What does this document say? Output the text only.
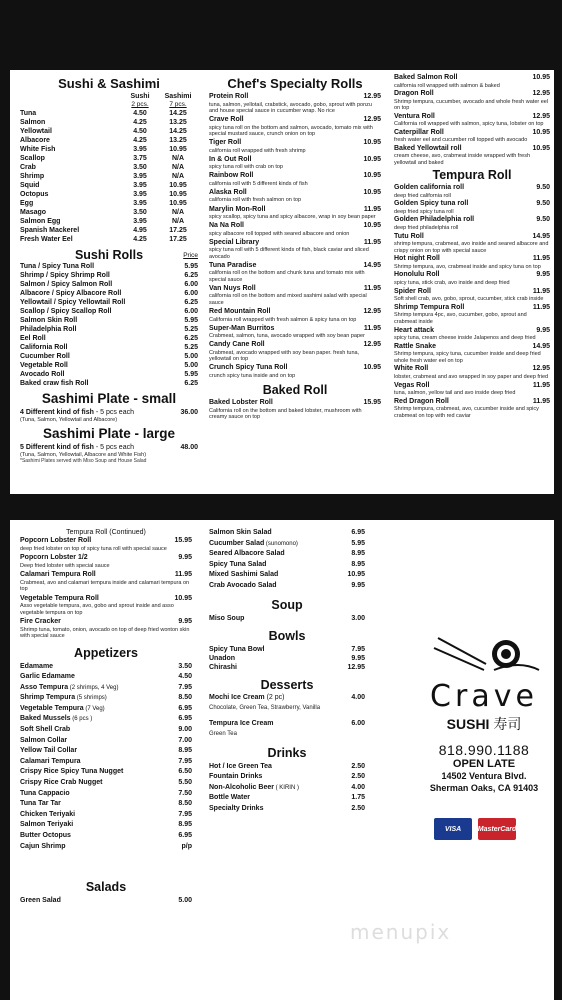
Sushi & Sashimi
Sushi	Sashimi
2 pcs.	7 pcs.
Tuna	4.50	14.25
Salmon	4.25	13.25
Yellowtail	4.50	14.25
Albacore	4.25	13.25
White Fish	3.95	10.95
Scallop	3.75	N/A
Crab	3.50	N/A
Shrimp	3.95	N/A
Squid	3.95	10.95
Octopus	3.95	10.95
Egg	3.95	10.95
Masago	3.50	N/A
Salmon Egg	3.95	N/A
Spanish Mackerel	4.95	17.25
Fresh Water Eel	4.25	17.25
Sushi Rolls	Price
Tuna / Spicy Tuna Roll	5.95
Shrimp / Spicy Shrimp Roll	6.25
Salmon / Spicy Salmon Roll	6.00
Albacore / Spicy Albacore Roll	6.00
Yellowtail / Spicy Yellowtail Roll	6.25
Scallop / Spicy Scallop Roll	6.00
Salmon Skin Roll	5.95
Philadelphia Roll	5.25
Eel Roll	6.25
California Roll	5.25
Cucumber Roll	5.00
Vegetable Roll	5.00
Avocado Roll	5.95
Baked craw fish Roll	6.25
Sashimi Plate - small
4 Different kind of fish - 5 pcs each	36.00
(Tuna, Salmon, Yellowtail and Albacore)
Sashimi Plate - large
5 Different kind of fish - 5 pcs each	48.00
(Tuna, Salmon, Yellowtail, Albacore and White Fish)
*Sashimi Plates served with Miso Soup and House Salad
Chef's Specialty Rolls
Protein Roll	12.95
tuna, salmon, yellotail, crabstick, avocado, gobo, sprout with ponzu and house special sauce in cucumber wrap. No rice
Crave Roll	12.95
spicy tuna roll on the bottom and salmon, avocado, tomato mix with special mustard sauce, crunch onion on top
Tiger Roll	10.95
california roll wrapped with fresh shrimp
In & Out Roll	10.95
spicy tuna roll with crab on top
Rainbow Roll	10.95
california roll with 5 different kinds of fish
Alaska Roll	10.95
california roll with fresh salmon on top
Marylin Mon-Roll	11.95
spicy scallop, spicy tuna and spicy albacore, wrap in soy bean paper
Na Na Roll	10.95
spicy albacore roll topped with seared albacore and onion
Special Library	11.95
spicy tuna roll with 5 different kinds of fish, black caviar and sliced avocado
Tuna Paradise	14.95
california roll on the bottom and chunk tuna and tomato mix with special sauce
Van Nuys Roll	11.95
california roll on the bottom and mixed sashimi salad with special sauce
Red Mountain Roll	12.95
California roll wrapped with fresh salmon & spicy tuna on top
Super-Man Burritos	11.95
Crabmeat, salmon, tuna, avocado wrapped with soy bean paper
Candy Cane Roll	12.95
Crabmeat, avocado wrapped with soy bean paper. fresh tuna, yellowtail on top
Crunch Spicy Tuna Roll	10.95
crunch spicy tuna inside and on top
Baked Roll
Baked Lobster Roll	15.95
California roll on the bottom and baked lobster, mushroom with creamy sauce on top
Baked Salmon Roll	10.95
california roll wrapped with salmon & baked
Dragon Roll	12.95
Shrimp tempura, cucumber, avocado and whole fresh water eel on top
Ventura Roll	12.95
California roll wrapped with salmon, spicy tuna, lobster on top
Caterpillar Roll	10.95
fresh water eel and cucumber roll topped with avocado
Baked Yellowtail roll	10.95
cream cheese, avo, crabmeat inside wrapped with fresh yellowtail and baked
Tempura Roll
Golden california roll	9.50
deep fried california roll
Golden Spicy tuna roll	9.50
deep fried spicy tuna roll
Golden Philadelphia roll	9.50
deep fried philadelphia roll
Tutu Roll	14.95
shrimp tempura, crabmeat, avo inside and seared albacore and crispy onion on top with special sauce
Hot night Roll	11.95
Shrimp tempura, avo, crabmeat inside and spicy tuna on top
Honolulu Roll	9.95
spicy tuna, stick crab, avo inside and deep fried
Spider Roll	11.95
Soft shell crab, avo, gobo, sprout, cucumber, stick crab inside
Shrimp Tempura Roll	11.95
Shrimp tempura 4pc, avo, cucumber, gobo, sprout and crabmeat inside
Heart attack	9.95
spicy tuna, cream cheese inside Jalapenos and deep fried
Rattle Snake	14.95
Shrimp tempura, spicy tuna, cucumber inside and deep fried whole fresh water eel on top
White Roll	12.95
lobster, crabmeat and avo wrapped in soy paper and deep fried
Vegas Roll	11.95
tuna, salmon, yellow tail and avo inside deep fried
Red Dragon Roll	11.95
Shrimp tempura, crabmeat, avo, cucumber inside and spicy crabmeat on top with red caviar
Tempura Roll (Continued)
Popcorn Lobster Roll	15.95
deep fried lobster on top of spicy tuna roll with special sauce
Popcorn Lobster 1/2	9.95
Deep fried lobster with special sauce
Calamari Tempura Roll	11.95
Crabmeat, avo and calamari tempura inside and calamari tempura on top
Vegetable Tempura Roll	10.95
Asso vegetable tempura, avo, gobo and sprout inside and asso vegetable tempura on top
Fire Cracker	9.95
Shrimp tuna, tomato, onion, avocado on top of deep fried wonton skin with special sauce
Appetizers
Edamame	3.50
Garlic Edamame	4.50
Asso Tempura (2 shrimps, 4 Veg)	7.95
Shrimp Tempura (5 shrimps)	8.50
Vegetable Tempura (7 Veg)	6.95
Baked Mussels (6 pcs )	6.95
Soft Shell Crab	9.00
Salmon Collar	7.00
Yellow Tail Collar	8.95
Calamari Tempura	7.95
Crispy Rice Spicy Tuna Nugget	6.50
Crispy Rice Crab Nugget	5.50
Tuna Cappacio	7.50
Tuna Tar Tar	8.50
Chicken Teriyaki	7.95
Salmon Teriyaki	8.95
Butter Octopus	6.95
Cajun Shrimp	p/p
Salads
Green Salad	5.00
Salmon Skin Salad	6.95
Cucumber Salad (sunomono)	5.95
Seared Albacore Salad	8.95
Spicy Tuna Salad	8.95
Mixed Sashimi Salad	10.95
Crab Avocado Salad	9.95
Soup
Miso Soup	3.00
Bowls
Spicy Tuna Bowl	7.95
Unadon	9.95
Chirashi	12.95
Desserts
Mochi Ice Cream (2 pc)	4.00
Chocolate, Green Tea, Strawberry, Vanilla
Tempura Ice Cream	6.00
Green Tea
Drinks
Hot / Ice Green Tea	2.50
Fountain Drinks	2.50
Non-Alcoholic Beer ( KIRIN )	4.00
Bottle Water	1.75
Specialty Drinks	2.50
Crave
SUSHI 寿司
818.990.1188
OPEN LATE
14502 Ventura Blvd.
Sherman Oaks, CA 91403
VISA	MasterCard
menupix
